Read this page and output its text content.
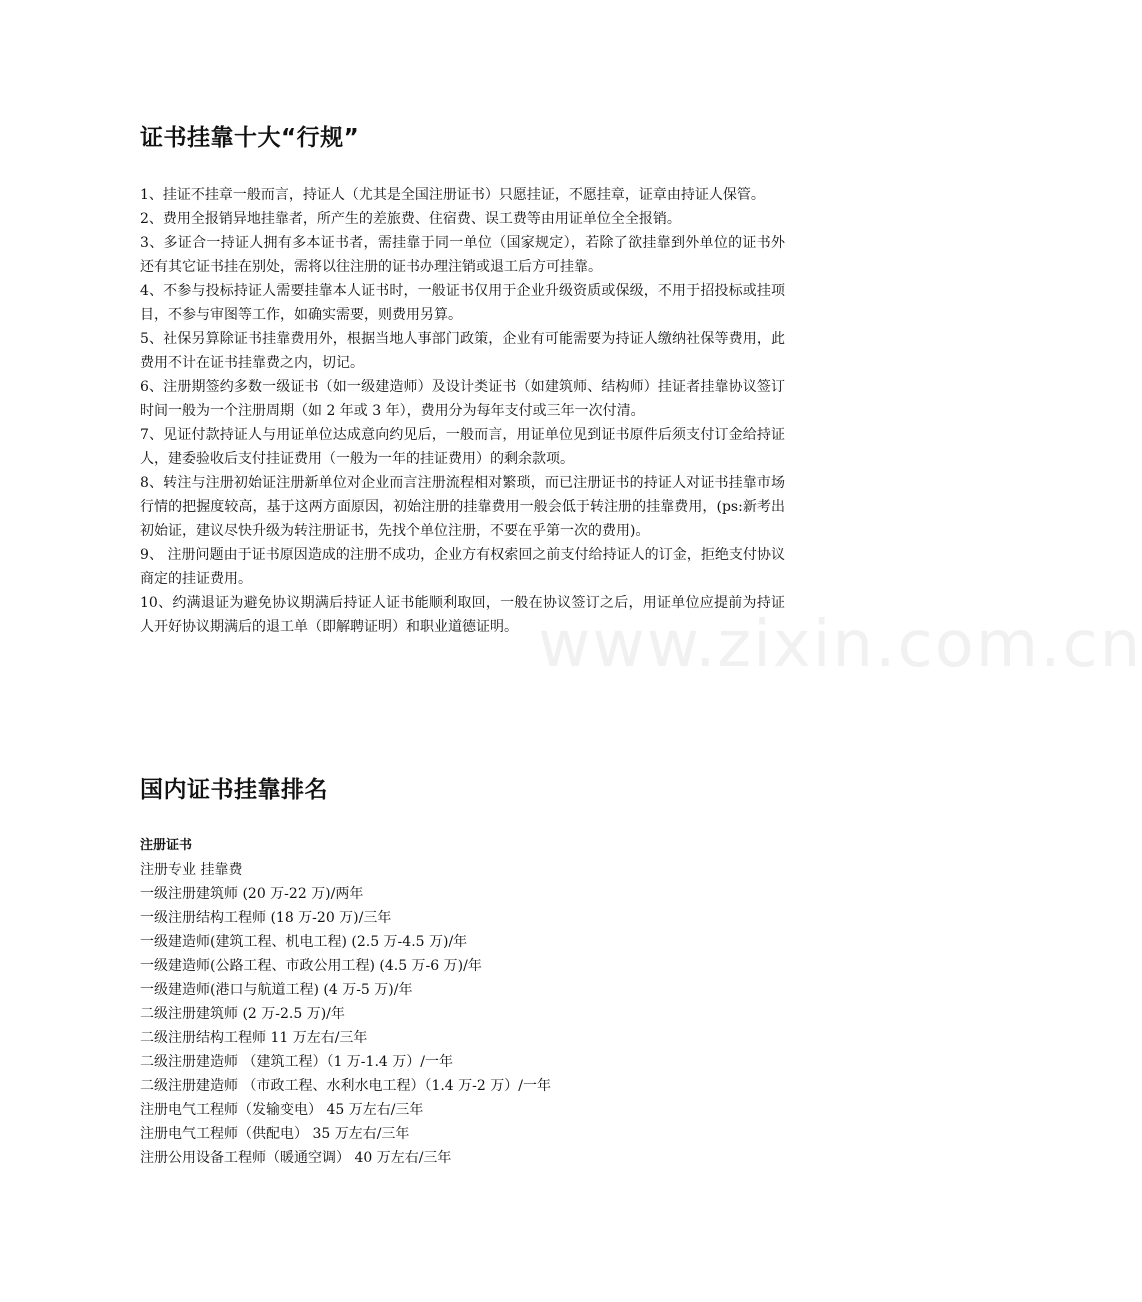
www.zixin.com.cn
证书挂靠十大“行规”

1、挂证不挂章一般而言，持证人（尤其是全国注册证书）只愿挂证，不愿挂章，证章由持证人保管。

2、费用全报销异地挂靠者，所产生的差旅费、住宿费、误工费等由用证单位全全报销。

3、多证合一持证人拥有多本证书者，需挂靠于同一单位（国家规定），若除了欲挂靠到外单位的证书外还有其它证书挂在别处，需将以往注册的证书办理注销或退工后方可挂靠。

4、不参与投标持证人需要挂靠本人证书时，一般证书仅用于企业升级资质或保级，不用于招投标或挂项目，不参与审图等工作，如确实需要，则费用另算。

5、社保另算除证书挂靠费用外，根据当地人事部门政策，企业有可能需要为持证人缴纳社保等费用，此费用不计在证书挂靠费之内，切记。

6、注册期签约多数一级证书（如一级建造师）及设计类证书（如建筑师、结构师）挂证者挂靠协议签订时间一般为一个注册周期（如 2 年或 3 年），费用分为每年支付或三年一次付清。

7、见证付款持证人与用证单位达成意向约见后，一般而言，用证单位见到证书原件后须支付订金给持证人，建委验收后支付挂证费用（一般为一年的挂证费用）的剩余款项。

8、转注与注册初始证注册新单位对企业而言注册流程相对繁琐，而已注册证书的持证人对证书挂靠市场行情的把握度较高，基于这两方面原因，初始注册的挂靠费用一般会低于转注册的挂靠费用，(ps:新考出初始证，建议尽快升级为转注册证书，先找个单位注册，不要在乎第一次的费用)。

9、 注册问题由于证书原因造成的注册不成功，企业方有权索回之前支付给持证人的订金，拒绝支付协议商定的挂证费用。

10、约满退证为避免协议期满后持证人证书能顺利取回，一般在协议签订之后，用证单位应提前为持证人开好协议期满后的退工单（即解聘证明）和职业道德证明。

国内证书挂靠排名
注册证书
注册专业 挂靠费
一级注册建筑师 (20 万-22 万)/两年
一级注册结构工程师 (18 万-20 万)/三年
一级建造师(建筑工程、机电工程) (2.5 万-4.5 万)/年
一级建造师(公路工程、市政公用工程) (4.5 万-6 万)/年
一级建造师(港口与航道工程) (4 万-5 万)/年
二级注册建筑师 (2 万-2.5 万)/年
二级注册结构工程师 11 万左右/三年
二级注册建造师 （建筑工程）（1 万-1.4 万）/一年
二级注册建造师 （市政工程、水利水电工程）（1.4 万-2 万）/一年
注册电气工程师（发输变电） 45 万左右/三年
注册电气工程师（供配电） 35 万左右/三年
注册公用设备工程师（暖通空调） 40 万左右/三年
